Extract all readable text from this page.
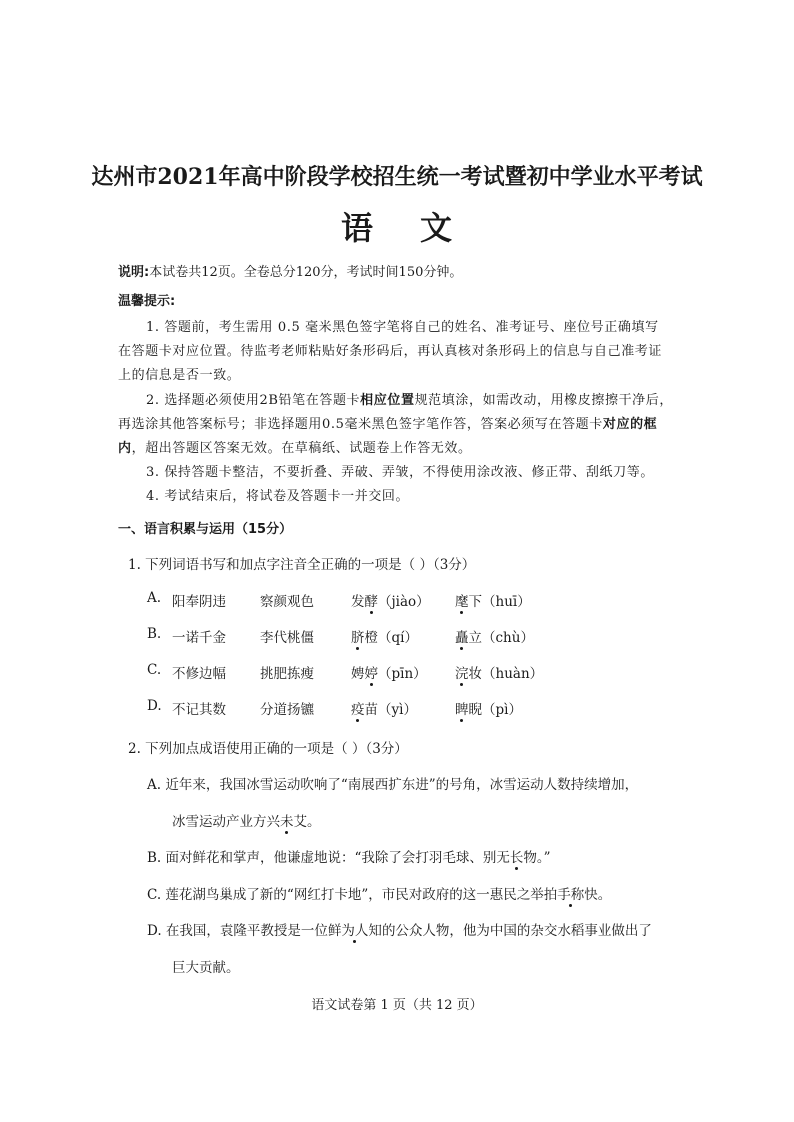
达州市2021年高中阶段学校招生统一考试暨初中学业水平考试
语 文
说明:本试卷共12页。全卷总分120分，考试时间150分钟。
温馨提示:
1. 答题前，考生需用 0.5 毫米黑色签字笔将自己的姓名、准考证号、座位号正确填写
在答题卡对应位置。待监考老师粘贴好条形码后，再认真核对条形码上的信息与自己准考证
上的信息是否一致。
2. 选择题必须使用2B铅笔在答题卡相应位置规范填涂，如需改动，用橡皮擦擦干净后，
再选涂其他答案标号；非选择题用0.5毫米黑色签字笔作答，答案必须写在答题卡对应的框
内，超出答题区答案无效。在草稿纸、试题卷上作答无效。
3. 保持答题卡整洁，不要折叠、弄破、弄皱，不得使用涂改液、修正带、刮纸刀等。
4. 考试结束后，将试卷及答题卡一并交回。
一、语言积累与运用（15分）
1. 下列词语书写和加点字注音全正确的一项是（ ）（3分）
A. 阳奉阴违	察颜观色	发酵（jiào） 麾下（huī）
B. 一诺千金	李代桃僵	脐橙（qí）	矗立（chù）
C. 不修边幅	挑肥拣瘦	娉婷（pīn） 浣妆（huàn）
D. 不记其数	分道扬镳	疫苗（yì）	睥睨（pì）
2. 下列加点成语使用正确的一项是（ ）（3分）
A. 近年来，我国冰雪运动吹响了“南展西扩东进”的号角，冰雪运动人数持续增加，
冰雪运动产业方兴未艾。
B. 面对鲜花和掌声，他谦虚地说：“我除了会打羽毛球、别无长物。”
C. 莲花湖鸟巢成了新的“网红打卡地”，市民对政府的这一惠民之举拍手称快。
D. 在我国，袁隆平教授是一位鲜为人知的公众人物，他为中国的杂交水稻事业做出了
巨大贡献。
语文试卷第 1 页（共 12 页）
